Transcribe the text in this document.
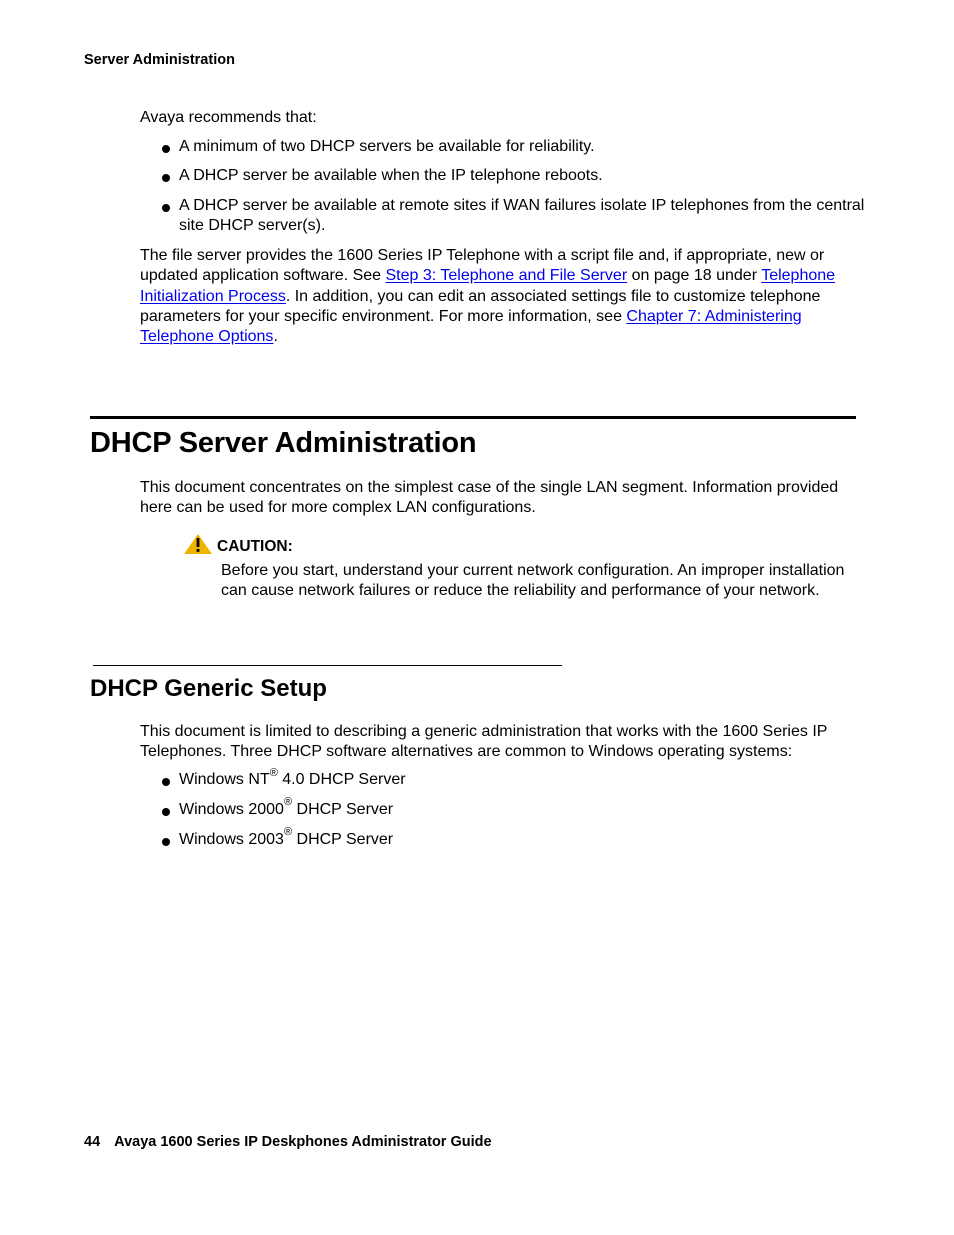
Server Administration
Avaya recommends that:
A minimum of two DHCP servers be available for reliability.
A DHCP server be available when the IP telephone reboots.
A DHCP server be available at remote sites if WAN failures isolate IP telephones from the central site DHCP server(s).
The file server provides the 1600 Series IP Telephone with a script file and, if appropriate, new or updated application software. See Step 3: Telephone and File Server on page 18 under Telephone Initialization Process. In addition, you can edit an associated settings file to customize telephone parameters for your specific environment. For more information, see Chapter 7: Administering Telephone Options.
DHCP Server Administration
This document concentrates on the simplest case of the single LAN segment. Information provided here can be used for more complex LAN configurations.
CAUTION:
Before you start, understand your current network configuration. An improper installation can cause network failures or reduce the reliability and performance of your network.
DHCP Generic Setup
This document is limited to describing a generic administration that works with the 1600 Series IP Telephones. Three DHCP software alternatives are common to Windows operating systems:
Windows NT® 4.0 DHCP Server
Windows 2000® DHCP Server
Windows 2003® DHCP Server
44 Avaya 1600 Series IP Deskphones Administrator Guide
